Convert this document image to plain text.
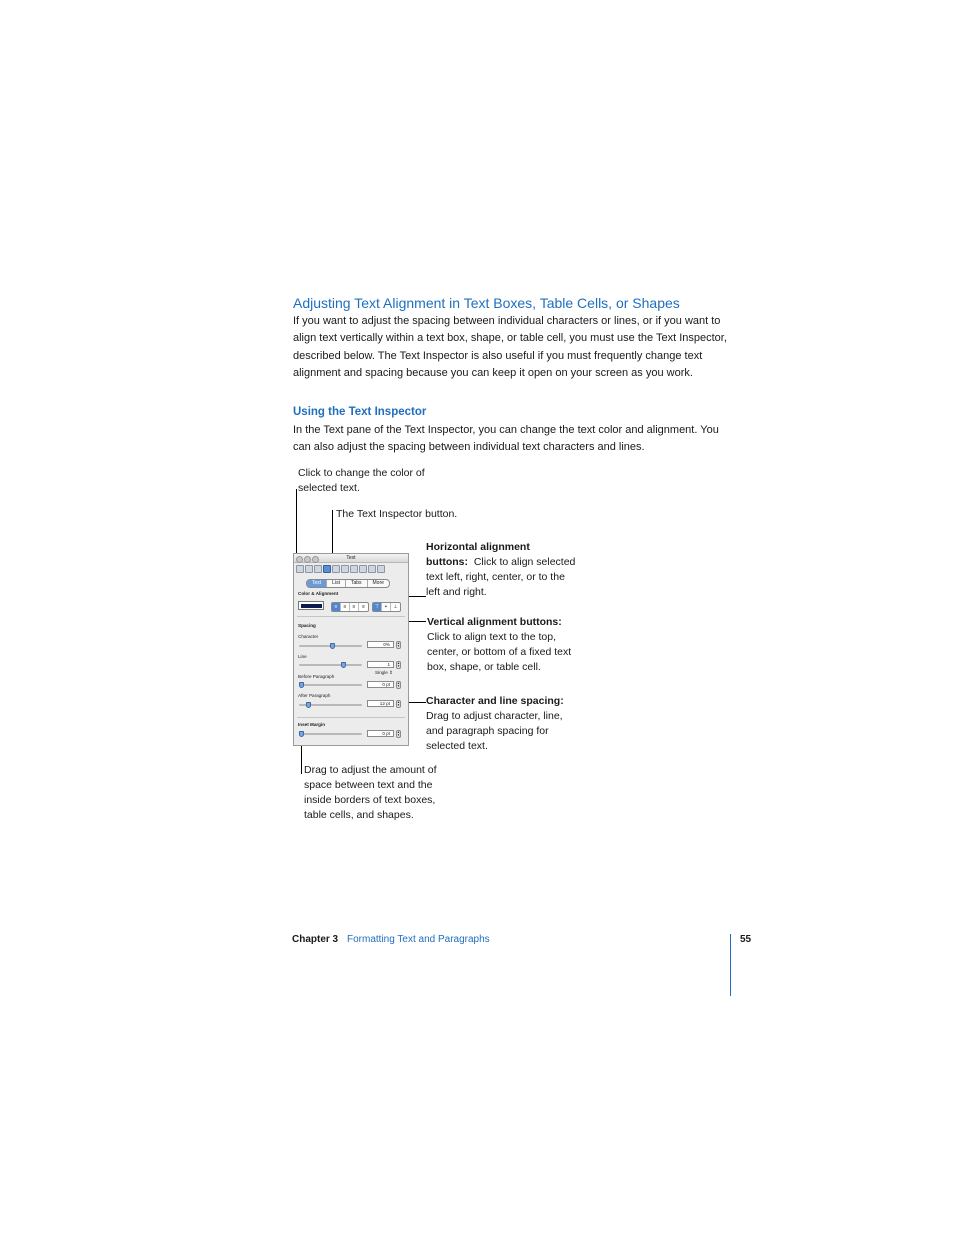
Adjusting Text Alignment in Text Boxes, Table Cells, or Shapes
If you want to adjust the spacing between individual characters or lines, or if you want to align text vertically within a text box, shape, or table cell, you must use the Text Inspector, described below. The Text Inspector is also useful if you must frequently change text alignment and spacing because you can keep it open on your screen as you work.
Using the Text Inspector
In the Text pane of the Text Inspector, you can change the text color and alignment. You can also adjust the spacing between individual text characters and lines.
Click to change the color of selected text.
The Text Inspector button.
Horizontal alignment buttons: Click to align selected text left, right, center, or to the left and right.
Vertical alignment buttons:  Click to align text to the top, center, or bottom of a fixed text box, shape, or table cell.
Character and line spacing:  Drag to adjust character, line, and paragraph spacing for selected text.
Drag to adjust the amount of space between text and the inside borders of text boxes, table cells, and shapes.
Text
Text	List	Tabs	More
Color & Alignment
≡	≡	≡	≡	⊤	+	⊥
Spacing
Character
0%	▴
▾
Line
1	▴
▾
Single ⇕
Before Paragraph
0 pt	▴
▾
After Paragraph
12 pt	▴
▾
Inset Margin
0 pt	▴
▾
Chapter 3 Formatting Text and Paragraphs	55
